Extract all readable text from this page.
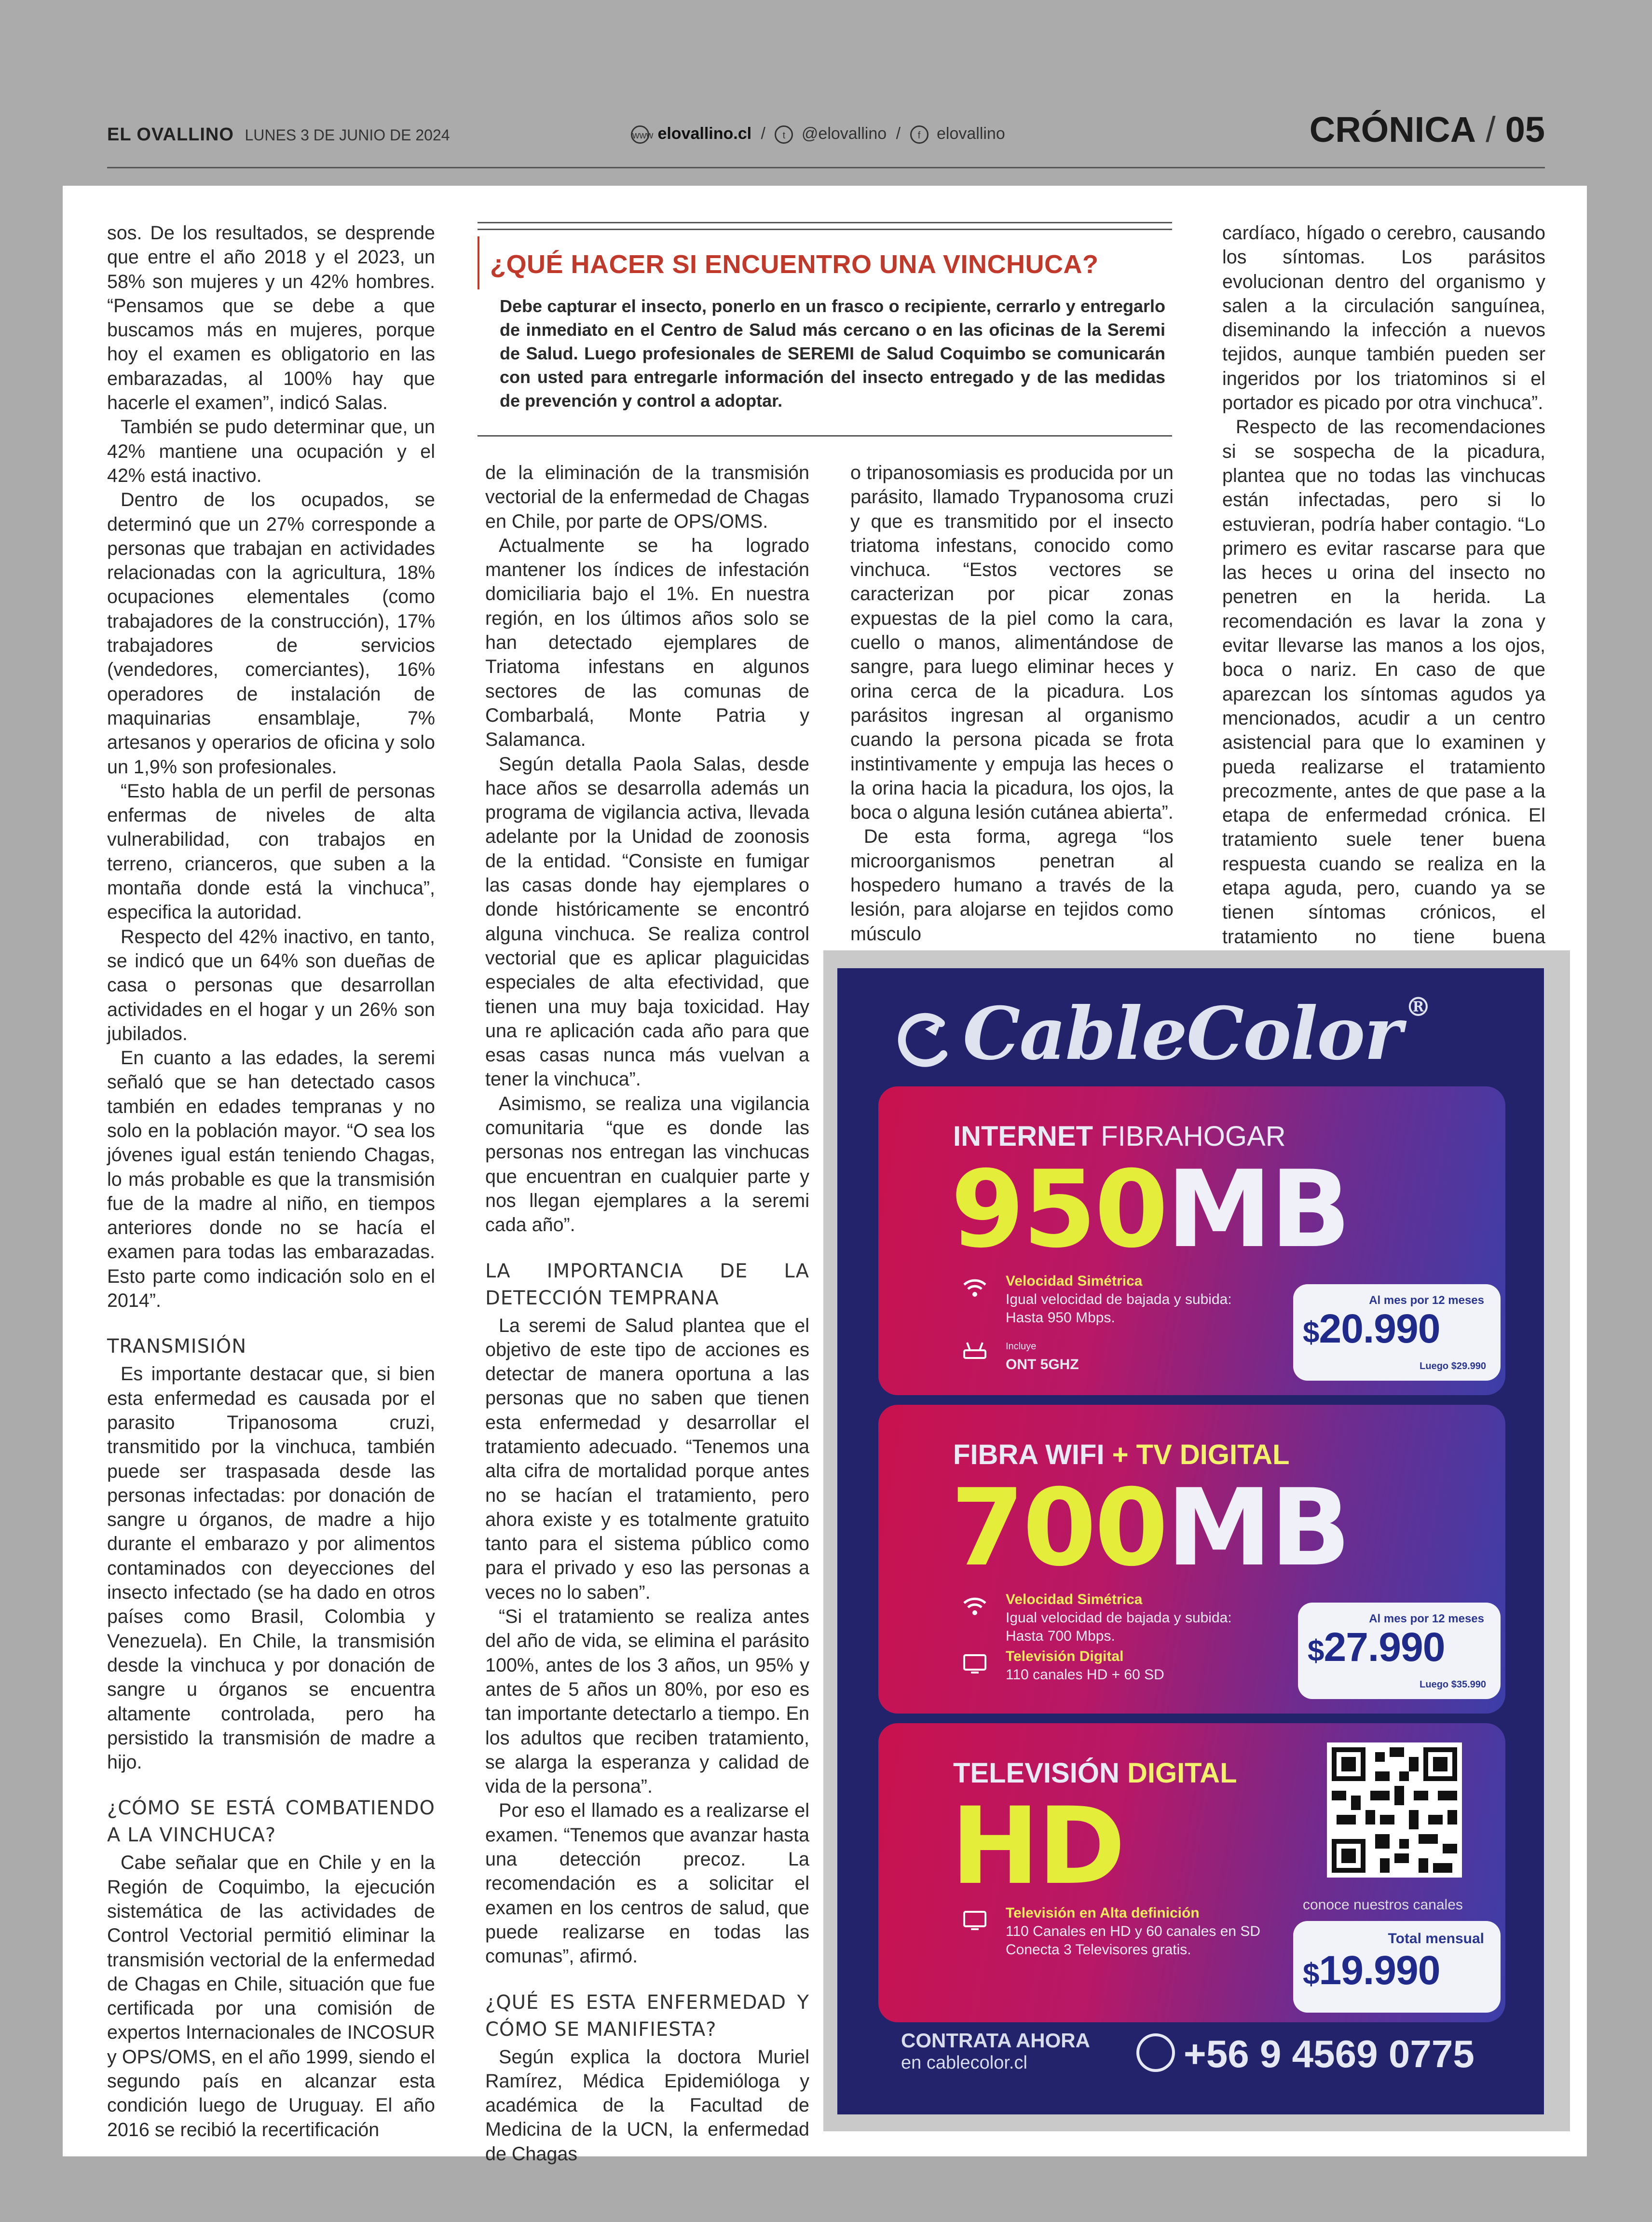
EL OVALLINO LUNES 3 DE JUNIO DE 2024	www elovallino.cl / t @elovallino / f elovallino	CRÓNICA / 05

sos. De los resultados, se desprende que entre el año 2018 y el 2023, un 58% son mujeres y un 42% hombres. “Pensamos que se debe a que buscamos más en mujeres, porque hoy el examen es obligatorio en las embarazadas, al 100% hay que hacerle el examen”, indicó Salas.

También se pudo determinar que, un 42% mantiene una ocupación y el 42% está inactivo.

Dentro de los ocupados, se determinó que un 27% corresponde a personas que trabajan en actividades relacionadas con la agricultura, 18% ocupaciones elementales (como trabajadores de la construcción), 17% trabajadores de servicios (vendedores, comerciantes), 16% operadores de instalación de maquinarias ensamblaje, 7% artesanos y operarios de oficina y solo un 1,9% son profesionales.

“Esto habla de un perfil de personas enfermas de niveles de alta vulnerabilidad, con trabajos en terreno, crianceros, que suben a la montaña donde está la vinchuca”, especifica la autoridad.

Respecto del 42% inactivo, en tanto, se indicó que un 64% son dueñas de casa o personas que desarrollan actividades en el hogar y un 26% son jubilados.

En cuanto a las edades, la seremi señaló que se han detectado casos también en edades tempranas y no solo en la población mayor. “O sea los jóvenes igual están teniendo Chagas, lo más probable es que la transmisión fue de la madre al niño, en tiempos anteriores donde no se hacía el examen para todas las embarazadas. Esto parte como indicación solo en el 2014”.

TRANSMISIÓN

Es importante destacar que, si bien esta enfermedad es causada por el parasito Tripanosoma cruzi, transmitido por la vinchuca, también puede ser traspasada desde las personas infectadas: por donación de sangre u órganos, de madre a hijo durante el embarazo y por alimentos contaminados con deyecciones del insecto infectado (se ha dado en otros países como Brasil, Colombia y Venezuela). En Chile, la transmisión desde la vinchuca y por donación de sangre u órganos se encuentra altamente controlada, pero ha persistido la transmisión de madre a hijo.

¿CÓMO SE ESTÁ COMBATIENDO A LA VINCHUCA?

Cabe señalar que en Chile y en la Región de Coquimbo, la ejecución sistemática de las actividades de Control Vectorial permitió eliminar la transmisión vectorial de la enfermedad de Chagas en Chile, situación que fue certificada por una comisión de expertos Internacionales de INCOSUR y OPS/OMS, en el año 1999, siendo el segundo país en alcanzar esta condición luego de Uruguay. El año 2016 se recibió la recertificación

¿QUÉ HACER SI ENCUENTRO UNA VINCHUCA?
Debe capturar el insecto, ponerlo en un frasco o recipiente, cerrarlo y entregarlo de inmediato en el Centro de Salud más cercano o en las oficinas de la Seremi de Salud. Luego profesionales de SEREMI de Salud Coquimbo se comunicarán con usted para entregarle información del insecto entregado y de las medidas de prevención y control a adoptar.

de la eliminación de la transmisión vectorial de la enfermedad de Chagas en Chile, por parte de OPS/OMS.

Actualmente se ha logrado mantener los índices de infestación domiciliaria bajo el 1%. En nuestra región, en los últimos años solo se han detectado ejemplares de Triatoma infestans en algunos sectores de las comunas de Combarbalá, Monte Patria y Salamanca.

Según detalla Paola Salas, desde hace años se desarrolla además un programa de vigilancia activa, llevada adelante por la Unidad de zoonosis de la entidad. “Consiste en fumigar las casas donde hay ejemplares o donde históricamente se encontró alguna vinchuca. Se realiza control vectorial que es aplicar plaguicidas especiales de alta efectividad, que tienen una muy baja toxicidad. Hay una re aplicación cada año para que esas casas nunca más vuelvan a tener la vinchuca”.

Asimismo, se realiza una vigilancia comunitaria “que es donde las personas nos entregan las vinchucas que encuentran en cualquier parte y nos llegan ejemplares a la seremi cada año”.

LA IMPORTANCIA DE LA DETECCIÓN TEMPRANA

La seremi de Salud plantea que el objetivo de este tipo de acciones es detectar de manera oportuna a las personas que no saben que tienen esta enfermedad y desarrollar el tratamiento adecuado. “Tenemos una alta cifra de mortalidad porque antes no se hacían el tratamiento, pero ahora existe y es totalmente gratuito tanto para el sistema público como para el privado y eso las personas a veces no lo saben”.

“Si el tratamiento se realiza antes del año de vida, se elimina el parásito 100%, antes de los 3 años, un 95% y antes de 5 años un 80%, por eso es tan importante detectarlo a tiempo. En los adultos que reciben tratamiento, se alarga la esperanza y calidad de vida de la persona”.

Por eso el llamado es a realizarse el examen. “Tenemos que avanzar hasta una detección precoz. La recomendación es a solicitar el examen en los centros de salud, que puede realizarse en todas las comunas”, afirmó.

¿QUÉ ES ESTA ENFERMEDAD Y CÓMO SE MANIFIESTA?

Según explica la doctora Muriel Ramírez, Médica Epidemióloga y académica de la Facultad de Medicina de la UCN, la enfermedad de Chagas

o tripanosomiasis es producida por un parásito, llamado Trypanosoma cruzi y que es transmitido por el insecto triatoma infestans, conocido como vinchuca. “Estos vectores se caracterizan por picar zonas expuestas de la piel como la cara, cuello o manos, alimentándose de sangre, para luego eliminar heces y orina cerca de la picadura. Los parásitos ingresan al organismo cuando la persona picada se frota instintivamente y empuja las heces o la orina hacia la picadura, los ojos, la boca o alguna lesión cutánea abierta”.

De esta forma, agrega “los microorganismos penetran al hospedero humano a través de la lesión, para alojarse en tejidos como músculo

cardíaco, hígado o cerebro, causando los síntomas. Los parásitos evolucionan dentro del organismo y salen a la circulación sanguínea, diseminando la infección a nuevos tejidos, aunque también pueden ser ingeridos por los triatominos si el portador es picado por otra vinchuca”.

Respecto de las recomendaciones si se sospecha de la picadura, plantea que no todas las vinchucas están infectadas, pero si lo estuvieran, podría haber contagio. “Lo primero es evitar rascarse para que las heces u orina del insecto no penetren en la herida. La recomendación es lavar la zona y evitar llevarse las manos a los ojos, boca o nariz. En caso de que aparezcan los síntomas agudos ya mencionados, acudir a un centro asistencial para que lo examinen y pueda realizarse el tratamiento precozmente, antes de que pase a la etapa de enfermedad crónica. El tratamiento suele tener buena respuesta cuando se realiza en la etapa aguda, pero, cuando ya se tienen síntomas crónicos, el tratamiento no tiene buena

CableColor ®
INTERNET FIBRAHOGAR
950MB
Velocidad Simétrica
Igual velocidad de bajada y subida:
Hasta 950 Mbps.
Incluye
ONT 5GHZ
Al mes por 12 meses
$20.990
Luego $29.990
FIBRA WIFI + TV DIGITAL
700MB
Velocidad Simétrica
Igual velocidad de bajada y subida:
Hasta 700 Mbps.
Televisión Digital
110 canales HD + 60 SD
Al mes por 12 meses
$27.990
Luego $35.990
TELEVISIÓN DIGITAL
HD
Televisión en Alta definición
110 Canales en HD y 60 canales en SD
Conecta 3 Televisores gratis.
conoce nuestros canales
Total mensual
$19.990
CONTRATA AHORA
en cablecolor.cl	+56 9 4569 0775
